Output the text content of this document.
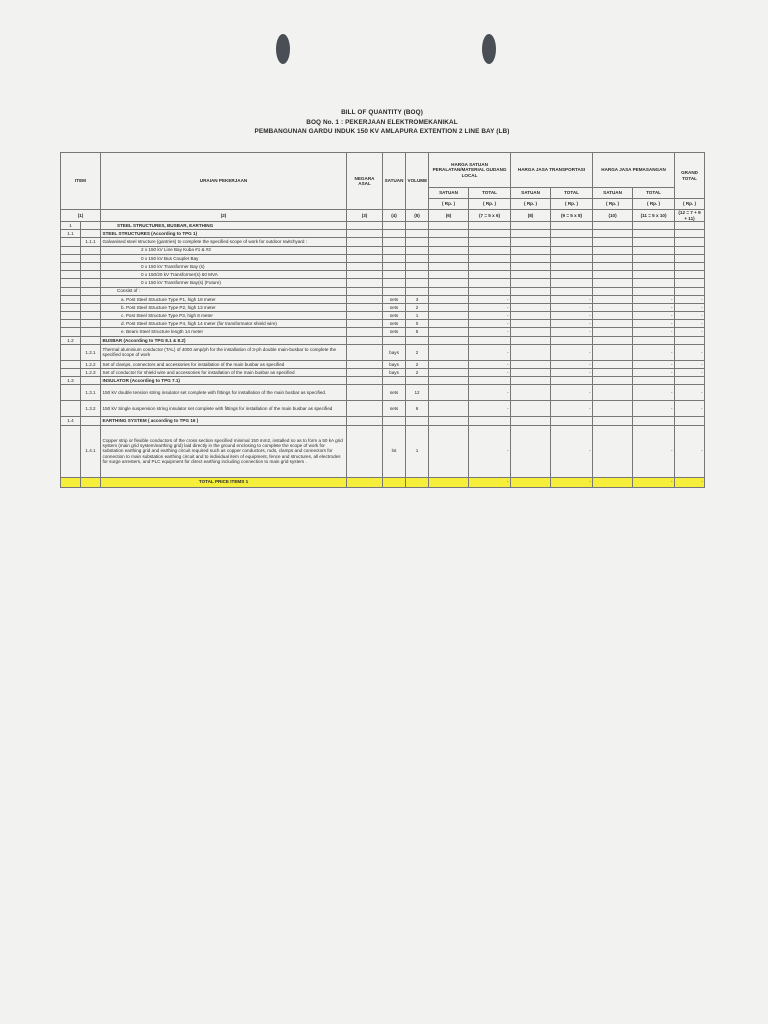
BILL OF QUANTITY (BOQ)
BOQ No. 1 : PEKERJAAN ELEKTROMEKANIKAL
PEMBANGUNAN GARDU INDUK 150 KV AMLAPURA EXTENTION 2 LINE BAY (LB)
ITEM		URAIAN PEKERJAAN	NEGARA ASAL	SATUAN	VOLUME	HARGA SATUAN PERALATAN/MATERIAL GUDANG LOCAL		HARGA JASA TRANSPORTASI		HARGA JASA PEMASANGAN		GRAND TOTAL
						SATUAN	TOTAL	SATUAN	TOTAL	SATUAN	TOTAL	
						( Rp. )	( Rp. )	( Rp. )	( Rp. )	( Rp. )	( Rp. )	( Rp. )
(1)		(2)	(3)	(4)	(5)	(6)	(7 = 5 x 6)	(8)	(9 = 5 x 8)	(10)	(11 = 5 x 10)	(12 = 7 + 9 + 11)
1		STEEL STRUCTURES, BUSBAR, EARTHING										
1.1		STEEL STRUCTURES (According to TPG 1)										
	1.1.1	Galvanised steel structure (gantries) to complete the specified scope of work for outdoor switchyard :										
		2 x 150 kV Line Bay Kuba #1 & #2										
		0 x 150 kV Bus Coupler Bay										
		0 x 150 kV Transformer Bay (s)										
		0 x 150/20 kV Transformer(s) 60 MVA										
		0 x 150 kV Transformer Bay(s) (Future)										
		Consist of :										
		a. Post Steel Structure Type P1, high 18 meter		sets	3		-		-		-	-
		b. Post Steel Structure Type P2, high 13 meter		sets	2		-		-		-	-
		c. Post Steel Structure Type P3, high 8 meter		sets	1		-		-		-	-
		d. Post Steel Structure Type P4, high 14 meter (for transformator shield wire)		sets	0		-		-		-	-
		e. Beam Steel Structure length 14 meter		sets	5		-		-		-	-
1.2		BUSBAR (According to TPG 8.1 & 8.2)										
	1.2.1	Thermal aluminium conductor (TAL) of 4000 amp/ph for the installation of 3-ph double main-busbar to complete the specified scope of work		bays	2		-		-		-	-
	1.2.2	Set of clamps, connectors and accessories for installation of the main busbar as specified		bays	2		-		-		-	-
	1.2.3	Set of conductor for shield wire and accessories for installation of the main busbar as specified		bays	2		-		-		-	-
1.3		INSULATOR (According to TPG 7.1)										
	1.3.1	150 kV double tension string insulator set complete with fittings for installation of the main busbar as specified.		sets	12		-		-		-	-
	1.3.2	150 kV Single suspension string insulator set complete with fittings for installation of the main busbar as specified		sets	6		-		-		-	-
1.4		EARTHING SYSTEM ( according to TPG 16 )										
	1.4.1	Copper strip or flexible conductors of the cross section specified minimal 150 mm2, installed so as to form a 50 kA grid system (main grid system/earthing grid) laid directly in the ground enclosing to complete the scope of work for substation earthing grid and earthing circuit required such as copper conductors, rods, clamps and connectors for connection to main substation earthing circuit and to individual item of equipment, fence and structures, all electrodes for surge arresters, and PLC equipment for direct earthing including connection to main grid system .		lot	1		-		-		-	-
		TOTAL PRICE ITEMS 1					-		-		-	-
